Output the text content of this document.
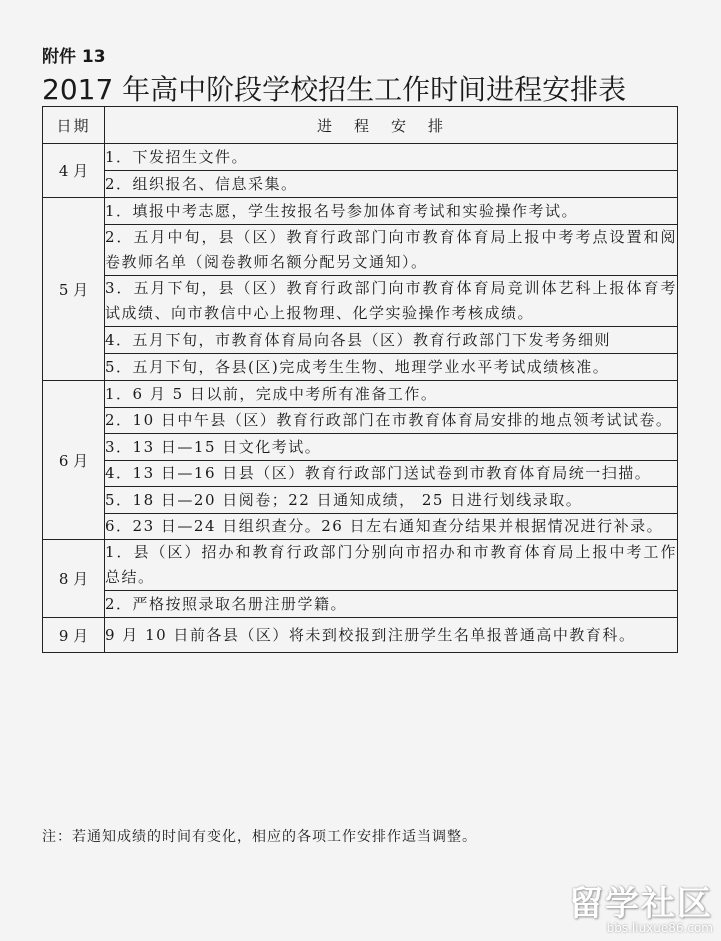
附件 13
2017 年高中阶段学校招生工作时间进程安排表
日期	进程安排
4 月	1．下发招生文件。
	2．组织报名、信息采集。
5 月	1．填报中考志愿，学生按报名号参加体育考试和实验操作考试。
	2．五月中旬，县（区）教育行政部门向市教育体育局上报中考考点设置和阅卷教师名单（阅卷教师名额分配另文通知）。
	3．五月下旬，县（区）教育行政部门向市教育体育局竞训体艺科上报体育考试成绩、向市教信中心上报物理、化学实验操作考核成绩。
	4．五月下旬，市教育体育局向各县（区）教育行政部门下发考务细则
	5．五月下旬，各县(区)完成考生生物、地理学业水平考试成绩核准。
6 月	1．6 月 5 日以前，完成中考所有准备工作。
	2．10 日中午县（区）教育行政部门在市教育体育局安排的地点领考试试卷。
	3．13 日—15 日文化考试。
	4．13 日—16 日县（区）教育行政部门送试卷到市教育体育局统一扫描。
	5．18 日—20 日阅卷；22 日通知成绩， 25 日进行划线录取。
	6．23 日—24 日组织查分。26 日左右通知查分结果并根据情况进行补录。
8 月	1．县（区）招办和教育行政部门分别向市招办和市教育体育局上报中考工作总结。
	2．严格按照录取名册注册学籍。
9 月	9 月 10 日前各县（区）将未到校报到注册学生名单报普通高中教育科。
注：若通知成绩的时间有变化，相应的各项工作安排作适当调整。
留学社区
bbs.liuxue86.com
